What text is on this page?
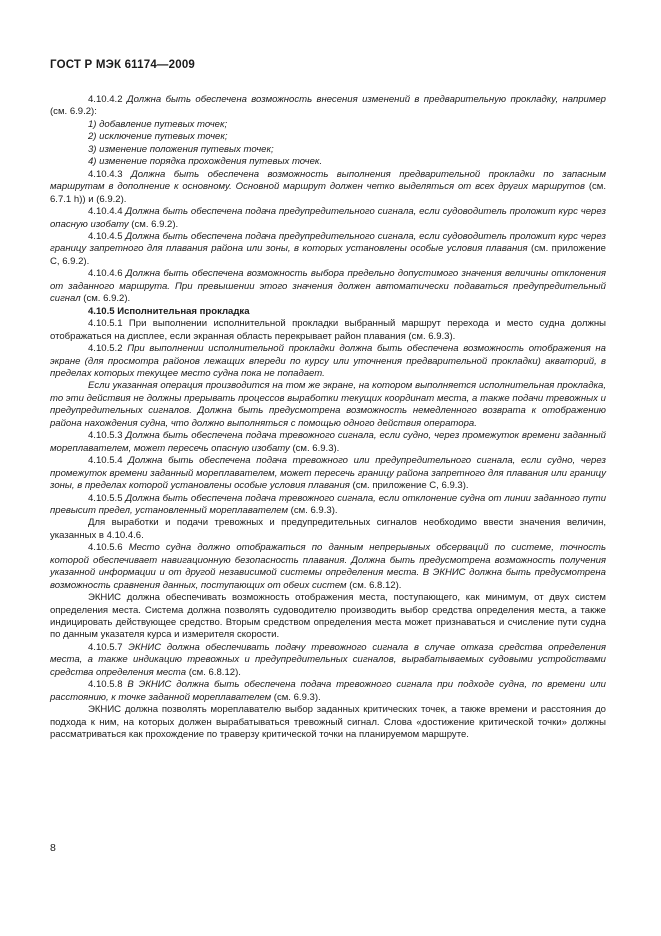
ГОСТ Р МЭК 61174—2009

4.10.4.2 Должна быть обеспечена возможность внесения изменений в предварительную прокладку, например (см. 6.9.2):

1) добавление путевых точек;

2) исключение путевых точек;

3) изменение положения путевых точек;

4) изменение порядка прохождения путевых точек.

4.10.4.3 Должна быть обеспечена возможность выполнения предварительной прокладки по запасным маршрутам в дополнение к основному. Основной маршрут должен четко выделяться от всех других маршрутов (см. 6.7.1 h)) и (6.9.2).

4.10.4.4 Должна быть обеспечена подача предупредительного сигнала, если судоводитель проложит курс через опасную изобату (см. 6.9.2).

4.10.4.5 Должна быть обеспечена подача предупредительного сигнала, если судоводитель проложит курс через границу запретного для плавания района или зоны, в которых установлены особые условия плавания (см. приложение C, 6.9.2).

4.10.4.6 Должна быть обеспечена возможность выбора предельно допустимого значения величины отклонения от заданного маршрута. При превышении этого значения должен автоматически подаваться предупредительный сигнал (см. 6.9.2).

4.10.5 Исполнительная прокладка

4.10.5.1 При выполнении исполнительной прокладки выбранный маршрут перехода и место судна должны отображаться на дисплее, если экранная область перекрывает район плавания (см. 6.9.3).

4.10.5.2 При выполнении исполнительной прокладки должна быть обеспечена возможность отображения на экране (для просмотра районов лежащих впереди по курсу или уточнения предварительной прокладки) акваторий, в пределах которых текущее место судна пока не попадает.

Если указанная операция производится на том же экране, на котором выполняется исполнительная прокладка, то эти действия не должны прерывать процессов выработки текущих координат места, а также подачи тревожных и предупредительных сигналов. Должна быть предусмотрена возможность немедленного возврата к отображению района нахождения судна, что должно выполняться с помощью одного действия оператора.

4.10.5.3 Должна быть обеспечена подача тревожного сигнала, если судно, через промежуток времени заданный мореплавателем, может пересечь опасную изобату (см. 6.9.3).

4.10.5.4 Должна быть обеспечена подача тревожного или предупредительного сигнала, если судно, через промежуток времени заданный мореплавателем, может пересечь границу района запретного для плавания или границу зоны, в пределах которой установлены особые условия плавания (см. приложение C, 6.9.3).

4.10.5.5 Должна быть обеспечена подача тревожного сигнала, если отклонение судна от линии заданного пути превысит предел, установленный мореплавателем (см. 6.9.3).

Для выработки и подачи тревожных и предупредительных сигналов необходимо ввести значения величин, указанных в 4.10.4.6.

4.10.5.6 Место судна должно отображаться по данным непрерывных обсерваций по системе, точность которой обеспечивает навигационную безопасность плавания. Должна быть предусмотрена возможность получения указанной информации и от другой независимой системы определения места. В ЭКНИС должна быть предусмотрена возможность сравнения данных, поступающих от обеих систем (см. 6.8.12).

ЭКНИС должна обеспечивать возможность отображения места, поступающего, как минимум, от двух систем определения места. Система должна позволять судоводителю производить выбор средства определения места, а также индицировать действующее средство. Вторым средством определения места может признаваться и счисление пути судна по данным указателя курса и измерителя скорости.

4.10.5.7 ЭКНИС должна обеспечивать подачу тревожного сигнала в случае отказа средства определения места, а также индикацию тревожных и предупредительных сигналов, вырабатываемых судовыми устройствами средства определения места (см. 6.8.12).

4.10.5.8 В ЭКНИС должна быть обеспечена подача тревожного сигнала при подходе судна, по времени или расстоянию, к точке заданной мореплавателем (см. 6.9.3).

ЭКНИС должна позволять мореплавателю выбор заданных критических точек, а также времени и расстояния до подхода к ним, на которых должен вырабатываться тревожный сигнал. Слова «достижение критической точки» должны рассматриваться как прохождение по траверзу критической точки на планируемом маршруте.

8
